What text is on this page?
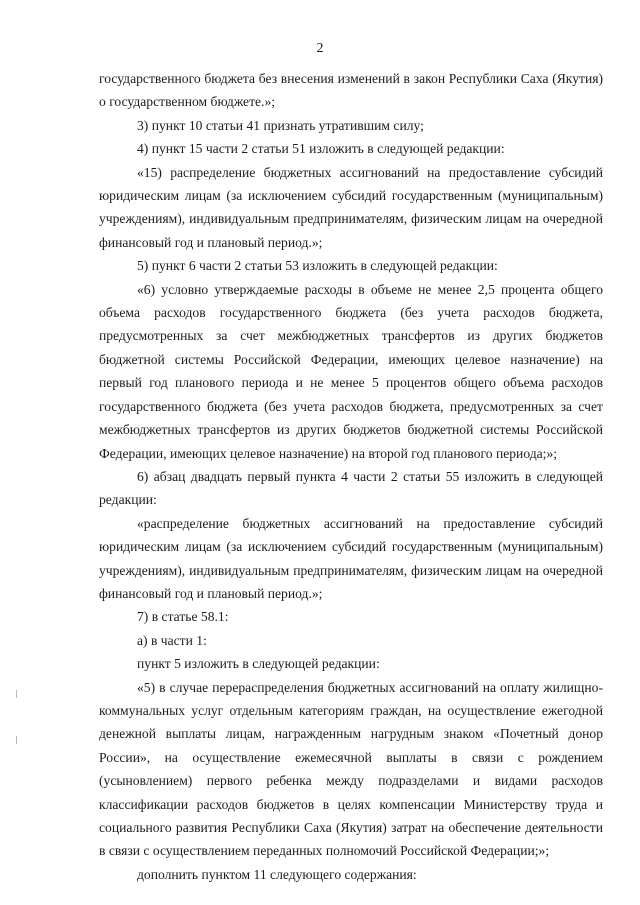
2

государственного бюджета без внесения изменений в закон Республики Саха (Якутия) о государственном бюджете.»;

3) пункт 10 статьи 41 признать утратившим силу;

4) пункт 15 части 2 статьи 51 изложить в следующей редакции:

«15) распределение бюджетных ассигнований на предоставление субсидий юридическим лицам (за исключением субсидий государственным (муниципальным) учреждениям), индивидуальным предпринимателям, физическим лицам на очередной финансовый год и плановый период.»;

5) пункт 6 части 2 статьи 53 изложить в следующей редакции:

«6) условно утверждаемые расходы в объеме не менее 2,5 процента общего объема расходов государственного бюджета (без учета расходов бюджета, предусмотренных за счет межбюджетных трансфертов из других бюджетов бюджетной системы Российской Федерации, имеющих целевое назначение) на первый год планового периода и не менее 5 процентов общего объема расходов государственного бюджета (без учета расходов бюджета, предусмотренных за счет межбюджетных трансфертов из других бюджетов бюджетной системы Российской Федерации, имеющих целевое назначение) на второй год планового периода;»;

6) абзац двадцать первый пункта 4 части 2 статьи 55 изложить в следующей редакции:

«распределение бюджетных ассигнований на предоставление субсидий юридическим лицам (за исключением субсидий государственным (муниципальным) учреждениям), индивидуальным предпринимателям, физическим лицам на очередной финансовый год и плановый период.»;

7) в статье 58.1:

а) в части 1:

пункт 5 изложить в следующей редакции:

«5) в случае перераспределения бюджетных ассигнований на оплату жилищно-коммунальных услуг отдельным категориям граждан, на осуществление ежегодной денежной выплаты лицам, награжденным нагрудным знаком «Почетный донор России», на осуществление ежемесячной выплаты в связи с рождением (усыновлением) первого ребенка между подразделами и видами расходов классификации расходов бюджетов в целях компенсации Министерству труда и социального развития Республики Саха (Якутия) затрат на обеспечение деятельности в связи с осуществлением переданных полномочий Российской Федерации;»;

дополнить пунктом 11 следующего содержания:
